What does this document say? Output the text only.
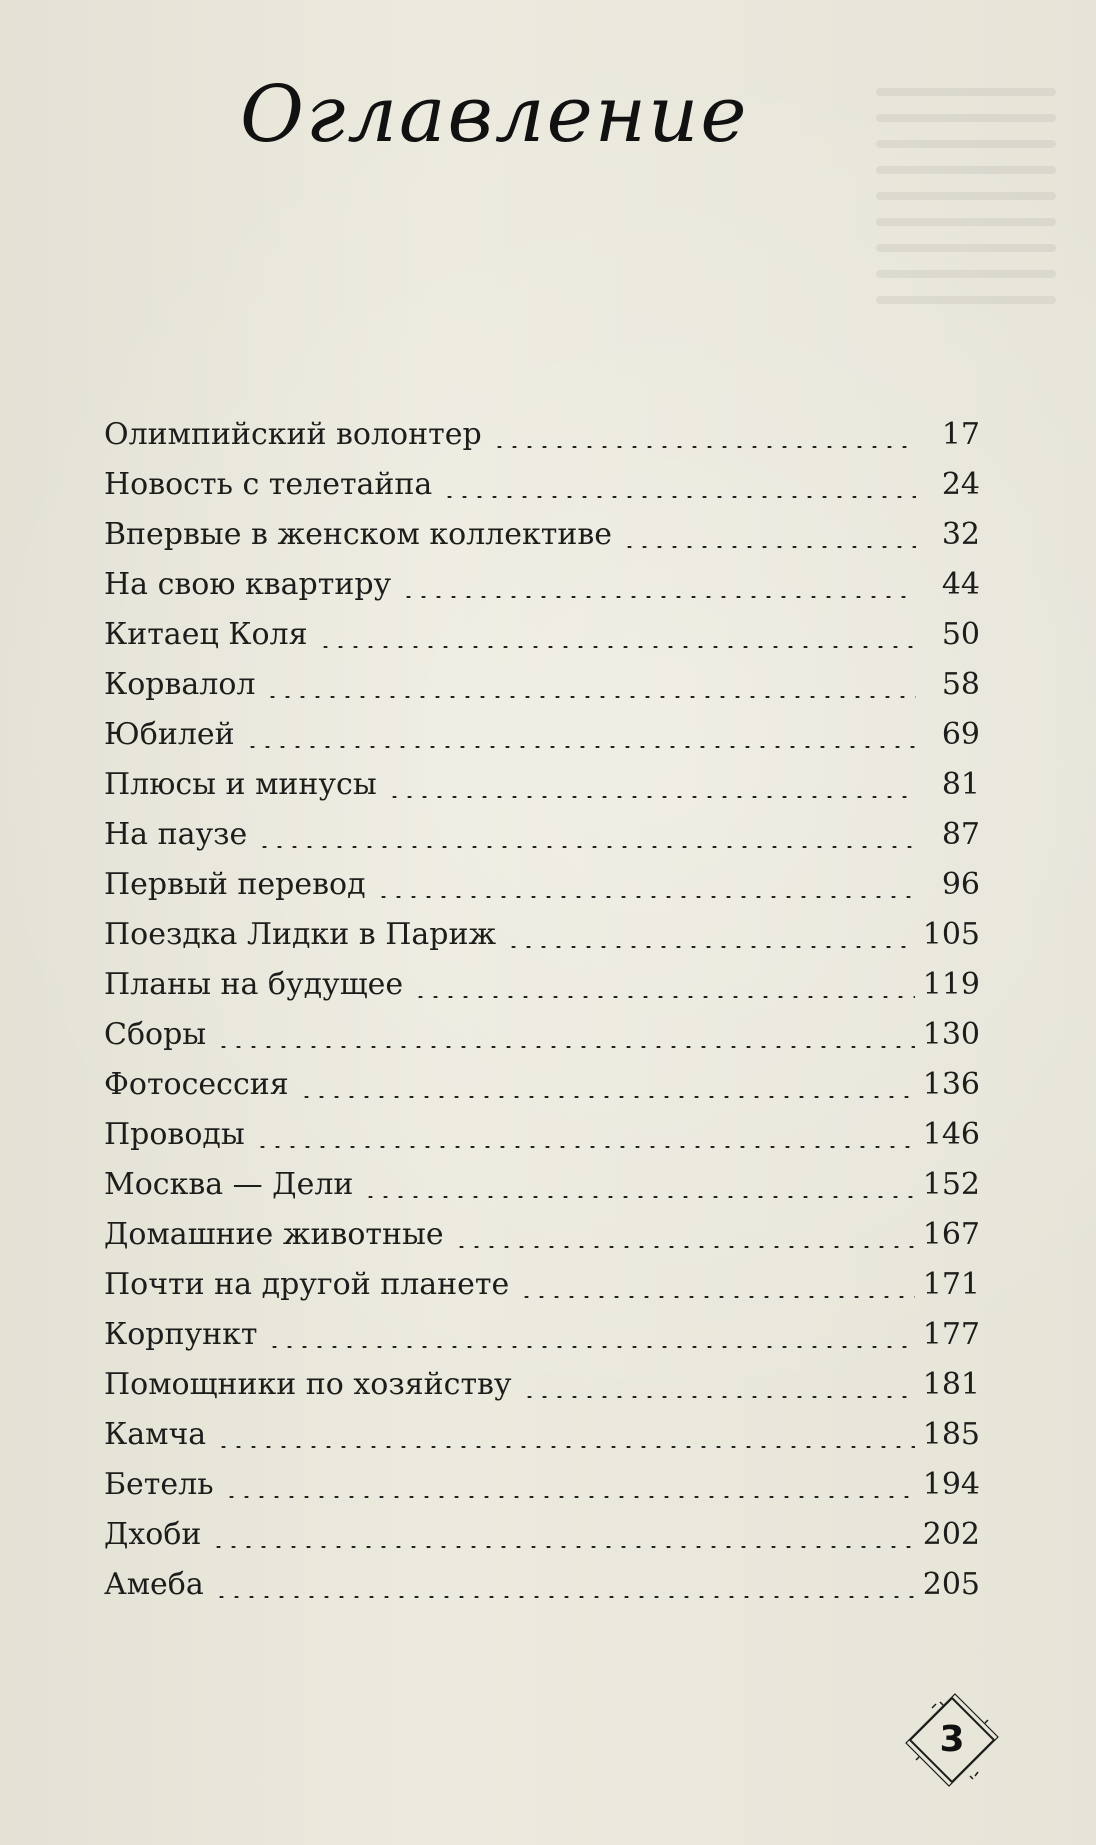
Оглавление
Олимпийский волонтер	17
Новость с телетайпа	24
Впервые в женском коллективе	32
На свою квартиру	44
Китаец Коля	50
Корвалол	58
Юбилей	69
Плюсы и минусы	81
На паузе	87
Первый перевод	96
Поездка Лидки в Париж	105
Планы на будущее	119
Сборы	130
Фотосессия	136
Проводы	146
Москва — Дели	152
Домашние животные	167
Почти на другой планете	171
Корпункт	177
Помощники по хозяйству	181
Камча	185
Бетель	194
Дхоби	202
Амеба	205
3
